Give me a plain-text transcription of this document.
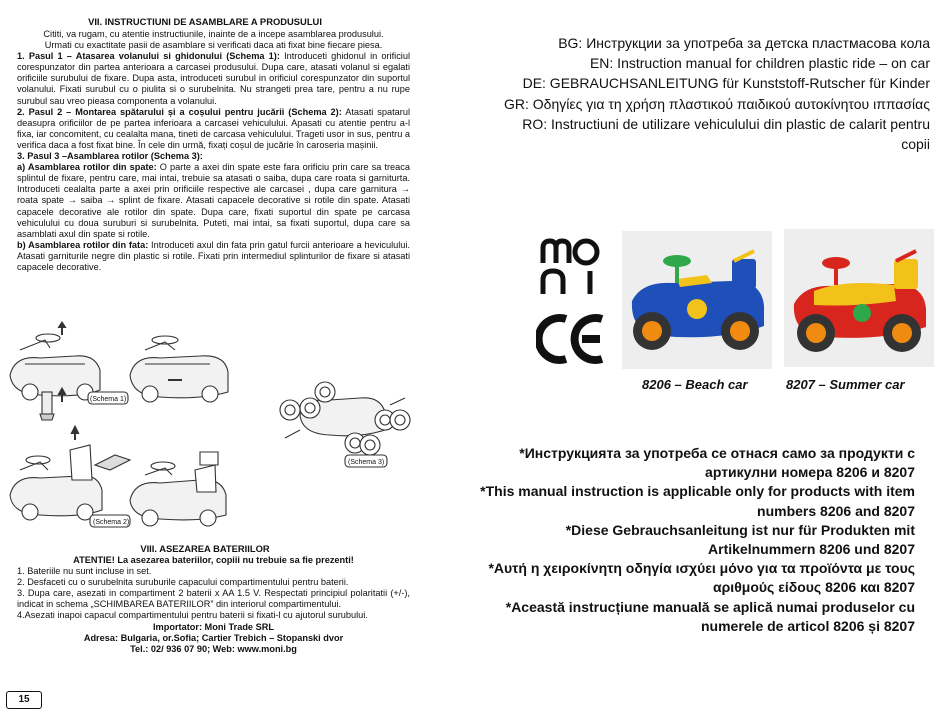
VII. INSTRUCTIUNI DE ASAMBLARE A PRODUSULUI

Cititi, va rugam, cu atentie instructiunile, inainte de a incepe asamblarea produsului.

Urmati cu exactitate pasii de asamblare si verificati daca ati fixat bine fiecare piesa.

1. Pasul 1 – Atasarea volanului si ghidonului (Schema 1): Introduceti ghidonul in orificiul corespunzator din partea anterioara a carcasei produsului. Dupa care, atasati volanul si egalati orificiile surubului de fixare. Dupa asta, introduceti surubul in orificiul corespunzator din suportul volanului. Fixati surubul cu o piulita si o surubelnita. Nu strangeti prea tare, pentru a nu rupe surubul sau vreo pieasa componenta a volanului.

2. Pasul 2 – Montarea spătarului și a coșului pentru jucării (Schema 2): Atasati spatarul deasupra orificiilor de pe partea inferioara a carcasei vehiculului. Apasati cu atentie pentru a-l fixa, iar concomitent, cu cealalta mana, tineti de carcasa vehiculului. Trageti usor in sus, pentru a verifica daca a fost fixat bine. În cele din urmă, fixați coșul de jucărie în caroseria mașinii.

3. Pasul 3 –Asamblarea rotilor (Schema 3):

a) Asamblarea rotilor din spate: O parte a axei din spate este fara orificiu prin care sa treaca splintul de fixare, pentru care, mai intai, trebuie sa atasati o saiba, dupa care roata si garniturta. Introduceti cealalta parte a axei prin orificiile respective ale carcasei , dupa care garnitura → roata spate → saiba → splint de fixare. Atasati capacele decorative si rotile din spate. Atasati capacele decorative ale rotilor din spate. Dupa care, fixati suportul din spate pe carcasa vehiculului cu doua suruburi si surubelnita. Puteti, mai intai, sa fixati suportul, dupa care sa asamblati axul din spate si rotile.

b) Asamblarea rotilor din fata: Introduceti axul din fata prin gatul furcii anterioare a heviculului. Atasati garniturile negre din plastic si rotile. Fixati prin intermediul splinturilor de fixare si atasati capacele decorative.

(Schema 1)
(Schema 2)
(Schema 3)
VIII. ASEZAREA BATERIILOR

ATENTIE! La asezarea bateriilor, copiii nu trebuie sa fie prezenti!

1. Bateriile nu sunt incluse in set.

2. Desfaceti cu o surubelnita suruburile capacului compartimentului pentru baterii.

3. Dupa care, asezati in compartiment 2 baterii x AA 1.5 V. Respectati principiul polaritatii (+/-), indicat in schema „SCHIMBAREA BATERIILOR” din interiorul compartimentului.

4.Asezati inapoi capacul compartimentului pentru baterii si fixati-l cu ajutorul surubului.

Importator: Moni Trade SRL

Adresa: Bulgaria, or.Sofia; Cartier Trebich – Stopanski dvor

Tel.: 02/ 936 07 90; Web: www.moni.bg

15
BG: Инструкции за употреба за детска пластмасова кола
EN: Instruction manual for children plastic ride – on car
DE: GEBRAUCHSANLEITUNG für Kunststoff-Rutscher für Kinder
GR: Οδηγίες για τη χρήση πλαστικού παιδικού αυτοκίνητου ιππασίας
RO: Instructiuni de utilizare vehiculului din plastic de calarit pentru copii
8206 – Beach car	8207 – Summer car
*Инструкцията за употреба се отнася само за продукти с артикулни номера 8206 и 8207
*This manual instruction is applicable only for products with item numbers 8206 and 8207
*Diese Gebrauchsanleitung ist nur für Produkten mit Artikelnummern 8206 und 8207
*Αυτή η χειροκίνητη οδηγία ισχύει μόνο για τα προϊόντα με τους αριθμούς είδους 8206 και 8207
*Această instrucțiune manuală se aplică numai produselor cu numerele de articol 8206 și 8207
